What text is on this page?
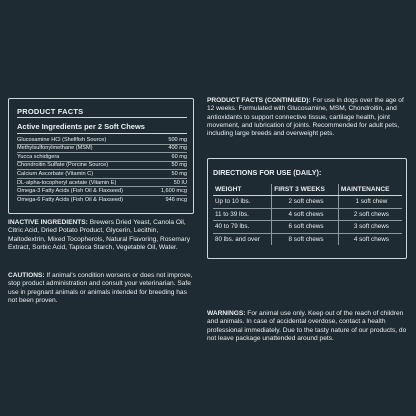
PRODUCT FACTS
Active Ingredients per 2 Soft Chews
Glucosamine HCl (Shellfish Source)	500 mg
Methylsulfonylmethane (MSM)	400 mg
Yucca schidigera	60 mg
Chondroitin Sulfate (Porcine Source)	50 mg
Calcium Ascorbate (Vitamin C)	50 mg
DL-alpha-tocopheryl acetate (Vitamin E)	50 IU
Omega-3 Fatty Acids (Fish Oil & Flaxseed)	1,600 mcg
Omega-6 Fatty Acids (Fish Oil & Flaxseed)	946 mcg
INACTIVE INGREDIENTS: Brewers Dried Yeast, Canola Oil, Citric Acid, Dried Potato Product, Glycerin, Lecithin, Maltodextrin, Mixed Tocopherols, Natural Flavoring, Rosemary Extract, Sorbic Acid, Tapioca Starch, Vegetable Oil, Water.
CAUTIONS: If animal's condition worsens or does not improve, stop product administration and consult your veterinarian. Safe use in pregnant animals or animals intended for breeding has not been proven.
PRODUCT FACTS (CONTINUED): For use in dogs over the age of 12 weeks. Formulated with Glucosamine, MSM, Chondroitin, and antioxidants to support connective tissue, cartilage health, joint movement, and lubrication of joints. Recommended for adult pets, including large breeds and overweight pets.
DIRECTIONS FOR USE (DAILY):
WEIGHT	FIRST 3 WEEKS	MAINTENANCE
Up to 10 lbs.	2 soft chews	1 soft chew
11 to 39 lbs.	4 soft chews	2 soft chews
40 to 79 lbs.	6 soft chews	3 soft chews
80 lbs. and over	8 soft chews	4 soft chews
WARNINGS: For animal use only. Keep out of the reach of children and animals. In case of accidental overdose, contact a health professional immediately. Due to the tasty nature of our products, do not leave package unattended around pets.
